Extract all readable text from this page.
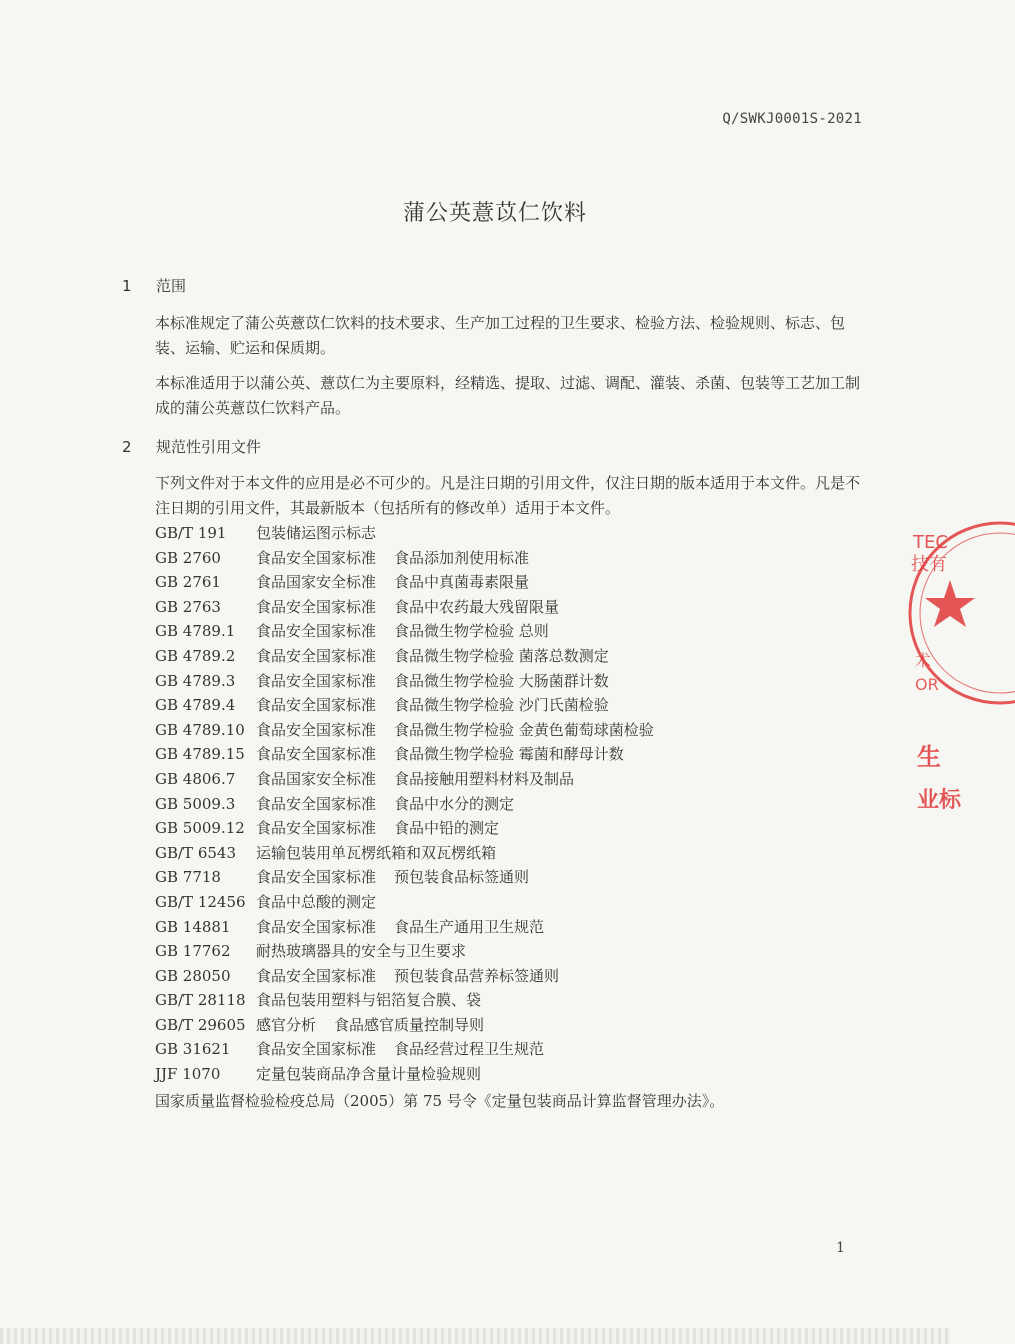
Q/SWKJ0001S-2021
蒲公英薏苡仁饮料
1 范围
本标准规定了蒲公英薏苡仁饮料的技术要求、生产加工过程的卫生要求、检验方法、检验规则、标志、包装、运输、贮运和保质期。
本标准适用于以蒲公英、薏苡仁为主要原料，经精选、提取、过滤、调配、灌装、杀菌、包装等工艺加工制成的蒲公英薏苡仁饮料产品。
2 规范性引用文件
下列文件对于本文件的应用是必不可少的。凡是注日期的引用文件，仅注日期的版本适用于本文件。凡是不注日期的引用文件，其最新版本（包括所有的修改单）适用于本文件。
GB/T 191 包装储运图示标志
GB 2760 食品安全国家标准 食品添加剂使用标准
GB 2761 食品国家安全标准 食品中真菌毒素限量
GB 2763 食品安全国家标准 食品中农药最大残留限量
GB 4789.1 食品安全国家标准 食品微生物学检验 总则
GB 4789.2 食品安全国家标准 食品微生物学检验 菌落总数测定
GB 4789.3 食品安全国家标准 食品微生物学检验 大肠菌群计数
GB 4789.4 食品安全国家标准 食品微生物学检验 沙门氏菌检验
GB 4789.10 食品安全国家标准 食品微生物学检验 金黄色葡萄球菌检验
GB 4789.15 食品安全国家标准 食品微生物学检验 霉菌和酵母计数
GB 4806.7 食品国家安全标准 食品接触用塑料材料及制品
GB 5009.3 食品安全国家标准 食品中水分的测定
GB 5009.12 食品安全国家标准 食品中铅的测定
GB/T 6543 运输包装用单瓦楞纸箱和双瓦楞纸箱
GB 7718 食品安全国家标准 预包装食品标签通则
GB/T 12456 食品中总酸的测定
GB 14881 食品安全国家标准 食品生产通用卫生规范
GB 17762 耐热玻璃器具的安全与卫生要求
GB 28050 食品安全国家标准 预包装食品营养标签通则
GB/T 28118 食品包装用塑料与铝箔复合膜、袋
GB/T 29605 感官分析 食品感官质量控制导则
GB 31621 食品安全国家标准 食品经营过程卫生规范
JJF 1070 定量包装商品净含量计量检验规则
国家质量监督检验检疫总局（2005）第 75 号令《定量包装商品计算监督管理办法》。
1
TEC
技有
术
OR
生
业标
